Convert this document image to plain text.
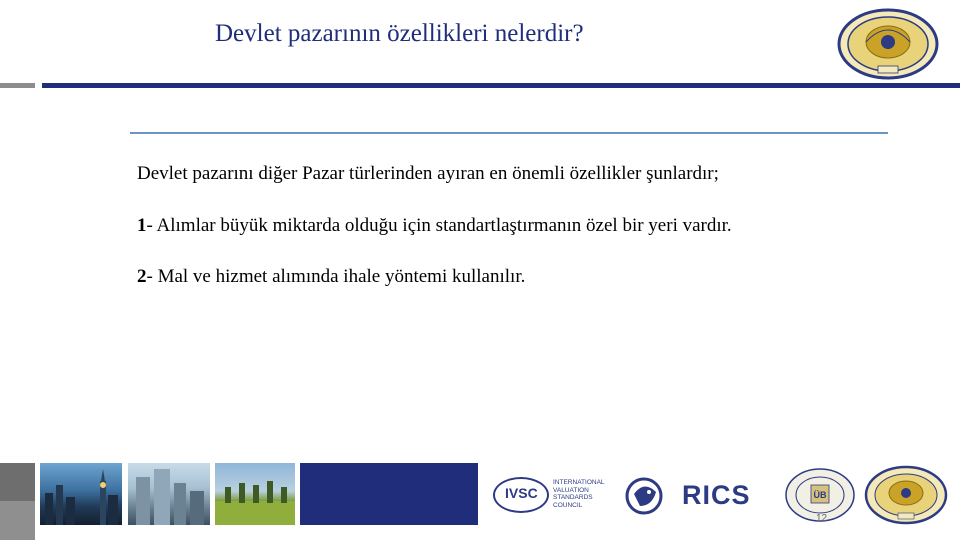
Devlet pazarının özellikleri nelerdir?
Devlet pazarını diğer Pazar türlerinden ayıran en önemli özellikler şunlardır;
1- Alımlar büyük miktarda olduğu için standartlaştırmanın özel bir yeri vardır.
2- Mal ve hizmet alımında ihale yöntemi kullanılır.
IVSC
INTERNATIONAL VALUATION STANDARDS COUNCIL	RICS	ÜB
12
